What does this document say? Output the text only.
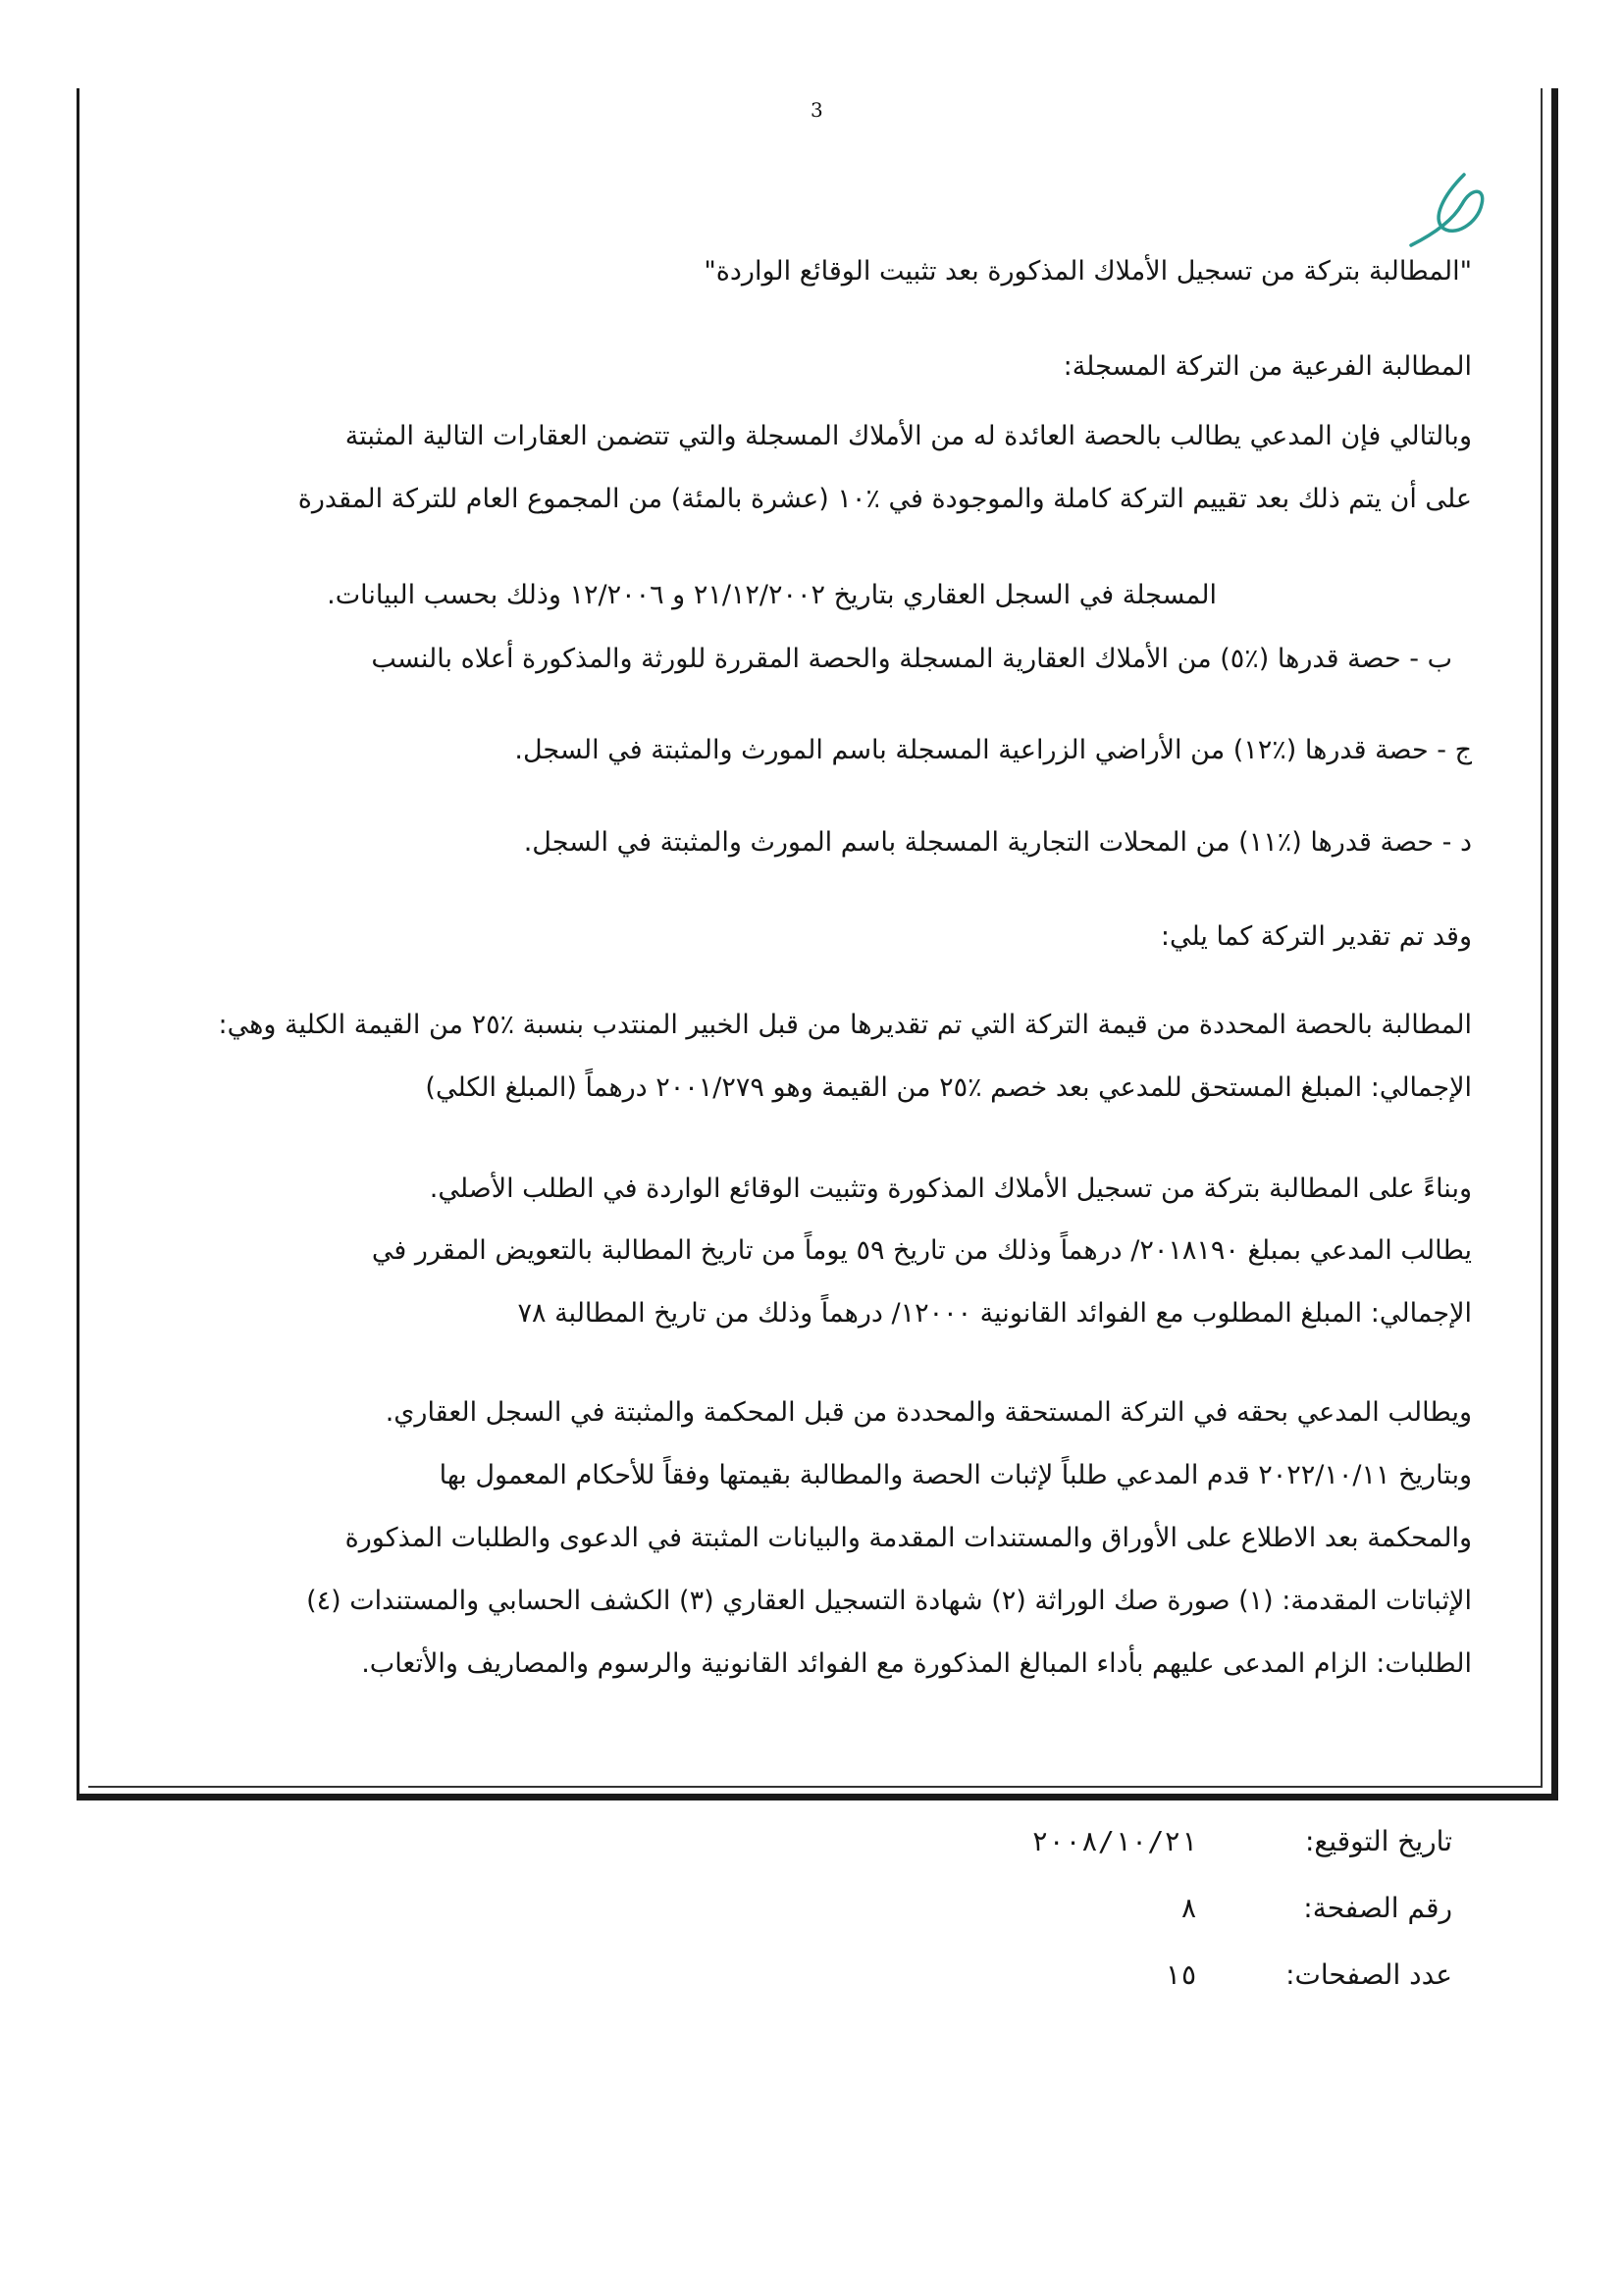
3
"ﺍﻟﻤﻄﺎﻟﺒﺔ ﺑﺘﺮﻛﺔ ﻣﻦ ﺗﺴﺠﻴﻞ ﺍﻷﻣﻼﻙ ﺍﻟﻤﺬﻛﻮﺭﺓ ﺑﻌﺪ ﺗﺜﺒﻴﺖ ﺍﻟﻮﻗﺎﺋﻊ ﺍﻟﻮﺍﺭﺩﺓ"
ﺍﻟﻤﻄﺎﻟﺒﺔ ﺍﻟﻔﺮﻋﻴﺔ ﻣﻦ ﺍﻟﺘﺮﻛﺔ ﺍﻟﻤﺴﺠﻠﺔ:
ﻭﺑﺎﻟﺘﺎﻟﻲ ﻓﺈﻥ ﺍﻟﻤﺪﻋﻲ ﻳﻄﺎﻟﺐ ﺑﺎﻟﺤﺼﺔ ﺍﻟﻌﺎﺋﺪﺓ ﻟﻪ ﻣﻦ ﺍﻷﻣﻼﻙ ﺍﻟﻤﺴﺠﻠﺔ ﻭﺍﻟﺘﻲ ﺗﺘﻀﻤﻦ ﺍﻟﻌﻘﺎﺭﺍﺕ ﺍﻟﺘﺎﻟﻴﺔ ﺍﻟﻤﺜﺒﺘﺔ
ﻋﻠﻰ ﺃﻥ ﻳﺘﻢ ﺫﻟﻚ ﺑﻌﺪ ﺗﻘﻴﻴﻢ ﺍﻟﺘﺮﻛﺔ ﻛﺎﻣﻠﺔ ﻭﺍﻟﻤﻮﺟﻮﺩﺓ ﻓﻲ ٪١٠ (ﻋﺸﺮﺓ ﺑﺎﻟﻤﺌﺔ) ﻣﻦ ﺍﻟﻤﺠﻤﻮﻉ ﺍﻟﻌﺎﻡ ﻟﻠﺘﺮﻛﺔ ﺍﻟﻤﻘﺪﺭﺓ
ﺍﻟﻤﺴﺠﻠﺔ ﻓﻲ ﺍﻟﺴﺠﻞ ﺍﻟﻌﻘﺎﺭﻱ ﺑﺘﺎﺭﻳﺦ ٢١/١٢/٢٠٠٢ ﻭ ١٢/٢٠٠٦ ﻭﺫﻟﻚ ﺑﺤﺴﺐ ﺍﻟﺒﻴﺎﻧﺎﺕ.
ﺏ - ﺣﺼﺔ ﻗﺪﺭﻫﺎ (٪٥) ﻣﻦ ﺍﻷﻣﻼﻙ ﺍﻟﻌﻘﺎﺭﻳﺔ ﺍﻟﻤﺴﺠﻠﺔ ﻭﺍﻟﺤﺼﺔ ﺍﻟﻤﻘﺮﺭﺓ ﻟﻠﻮﺭﺛﺔ ﻭﺍﻟﻤﺬﻛﻮﺭﺓ ﺃﻋﻼﻩ ﺑﺎﻟﻨﺴﺐ
ﺝ - ﺣﺼﺔ ﻗﺪﺭﻫﺎ (٪١٢) ﻣﻦ ﺍﻷﺭﺍﺿﻲ ﺍﻟﺰﺭﺍﻋﻴﺔ ﺍﻟﻤﺴﺠﻠﺔ ﺑﺎﺳﻢ ﺍﻟﻤﻮﺭﺙ ﻭﺍﻟﻤﺜﺒﺘﺔ ﻓﻲ ﺍﻟﺴﺠﻞ.
ﺩ - ﺣﺼﺔ ﻗﺪﺭﻫﺎ (٪١١) ﻣﻦ ﺍﻟﻤﺤﻼﺕ ﺍﻟﺘﺠﺎﺭﻳﺔ ﺍﻟﻤﺴﺠﻠﺔ ﺑﺎﺳﻢ ﺍﻟﻤﻮﺭﺙ ﻭﺍﻟﻤﺜﺒﺘﺔ ﻓﻲ ﺍﻟﺴﺠﻞ.
ﻭﻗﺪ ﺗﻢ ﺗﻘﺪﻳﺮ ﺍﻟﺘﺮﻛﺔ ﻛﻤﺎ ﻳﻠﻲ:
ﺍﻟﻤﻄﺎﻟﺒﺔ ﺑﺎﻟﺤﺼﺔ ﺍﻟﻤﺤﺪﺩﺓ ﻣﻦ ﻗﻴﻤﺔ ﺍﻟﺘﺮﻛﺔ ﺍﻟﺘﻲ ﺗﻢ ﺗﻘﺪﻳﺮﻫﺎ ﻣﻦ ﻗﺒﻞ ﺍﻟﺨﺒﻴﺮ ﺍﻟﻤﻨﺘﺪﺏ ﺑﻨﺴﺒﺔ ٪٢٥ ﻣﻦ ﺍﻟﻘﻴﻤﺔ ﺍﻟﻜﻠﻴﺔ ﻭﻫﻲ:
ﺍﻹﺟﻤﺎﻟﻲ: ﺍﻟﻤﺒﻠﻎ ﺍﻟﻤﺴﺘﺤﻖ ﻟﻠﻤﺪﻋﻲ ﺑﻌﺪ ﺧﺼﻢ ٪٢٥ ﻣﻦ ﺍﻟﻘﻴﻤﺔ ﻭﻫﻮ ٢٠٠١/٢٧٩ ﺩﺭﻫﻤﺎً (ﺍﻟﻤﺒﻠﻎ ﺍﻟﻜﻠﻲ)
ﻭﺑﻨﺎﺀً ﻋﻠﻰ ﺍﻟﻤﻄﺎﻟﺒﺔ ﺑﺘﺮﻛﺔ ﻣﻦ ﺗﺴﺠﻴﻞ ﺍﻷﻣﻼﻙ ﺍﻟﻤﺬﻛﻮﺭﺓ ﻭﺗﺜﺒﻴﺖ ﺍﻟﻮﻗﺎﺋﻊ ﺍﻟﻮﺍﺭﺩﺓ ﻓﻲ ﺍﻟﻄﻠﺐ ﺍﻷﺻﻠﻲ.
ﻳﻄﺎﻟﺐ ﺍﻟﻤﺪﻋﻲ ﺑﻤﺒﻠﻎ ٢٠١٨١٩٠/ ﺩﺭﻫﻤﺎً ﻭﺫﻟﻚ ﻣﻦ ﺗﺎﺭﻳﺦ ٥٩ ﻳﻮﻣﺎً ﻣﻦ ﺗﺎﺭﻳﺦ ﺍﻟﻤﻄﺎﻟﺒﺔ ﺑﺎﻟﺘﻌﻮﻳﺾ ﺍﻟﻤﻘﺮﺭ ﻓﻲ
ﺍﻹﺟﻤﺎﻟﻲ: ﺍﻟﻤﺒﻠﻎ ﺍﻟﻤﻄﻠﻮﺏ ﻣﻊ ﺍﻟﻔﻮﺍﺋﺪ ﺍﻟﻘﺎﻧﻮﻧﻴﺔ ١٢٠٠٠/ ﺩﺭﻫﻤﺎً ﻭﺫﻟﻚ ﻣﻦ ﺗﺎﺭﻳﺦ ﺍﻟﻤﻄﺎﻟﺒﺔ ٧٨
ﻭﻳﻄﺎﻟﺐ ﺍﻟﻤﺪﻋﻲ ﺑﺤﻘﻪ ﻓﻲ ﺍﻟﺘﺮﻛﺔ ﺍﻟﻤﺴﺘﺤﻘﺔ ﻭﺍﻟﻤﺤﺪﺩﺓ ﻣﻦ ﻗﺒﻞ ﺍﻟﻤﺤﻜﻤﺔ ﻭﺍﻟﻤﺜﺒﺘﺔ ﻓﻲ ﺍﻟﺴﺠﻞ ﺍﻟﻌﻘﺎﺭﻱ.
ﻭﺑﺘﺎﺭﻳﺦ ٢٠٢٢/١٠/١١ ﻗﺪﻡ ﺍﻟﻤﺪﻋﻲ ﻃﻠﺒﺎً ﻹﺛﺒﺎﺕ ﺍﻟﺤﺼﺔ ﻭﺍﻟﻤﻄﺎﻟﺒﺔ ﺑﻘﻴﻤﺘﻬﺎ ﻭﻓﻘﺎً ﻟﻸﺣﻜﺎﻡ ﺍﻟﻤﻌﻤﻮﻝ ﺑﻬﺎ
ﻭﺍﻟﻤﺤﻜﻤﺔ ﺑﻌﺪ ﺍﻻﻃﻼﻉ ﻋﻠﻰ ﺍﻷﻭﺭﺍﻕ ﻭﺍﻟﻤﺴﺘﻨﺪﺍﺕ ﺍﻟﻤﻘﺪﻣﺔ ﻭﺍﻟﺒﻴﺎﻧﺎﺕ ﺍﻟﻤﺜﺒﺘﺔ ﻓﻲ ﺍﻟﺪﻋﻮﻯ ﻭﺍﻟﻄﻠﺒﺎﺕ ﺍﻟﻤﺬﻛﻮﺭﺓ
ﺍﻹﺛﺒﺎﺗﺎﺕ ﺍﻟﻤﻘﺪﻣﺔ: (١) ﺻﻮﺭﺓ ﺻﻚ ﺍﻟﻮﺭﺍﺛﺔ (٢) ﺷﻬﺎﺩﺓ ﺍﻟﺘﺴﺠﻴﻞ ﺍﻟﻌﻘﺎﺭﻱ (٣) ﺍﻟﻜﺸﻒ ﺍﻟﺤﺴﺎﺑﻲ ﻭﺍﻟﻤﺴﺘﻨﺪﺍﺕ (٤)
ﺍﻟﻄﻠﺒﺎﺕ: ﺍﻟﺰﺍﻡ ﺍﻟﻤﺪﻋﻰ ﻋﻠﻴﻬﻢ ﺑﺄﺩﺍﺀ ﺍﻟﻤﺒﺎﻟﻎ ﺍﻟﻤﺬﻛﻮﺭﺓ ﻣﻊ ﺍﻟﻔﻮﺍﺋﺪ ﺍﻟﻘﺎﻧﻮﻧﻴﺔ ﻭﺍﻟﺮﺳﻮﻡ ﻭﺍﻟﻤﺼﺎﺭﻳﻒ ﻭﺍﻷﺗﻌﺎﺏ.
ﺗﺎﺭﻳﺦ ﺍﻟﺘﻮﻗﻴﻊ:
٢٠٠٨/١٠/٢١
ﺭﻗﻢ ﺍﻟﺼﻔﺤﺔ:
٨
ﻋﺪﺩ ﺍﻟﺼﻔﺤﺎﺕ:
١٥
